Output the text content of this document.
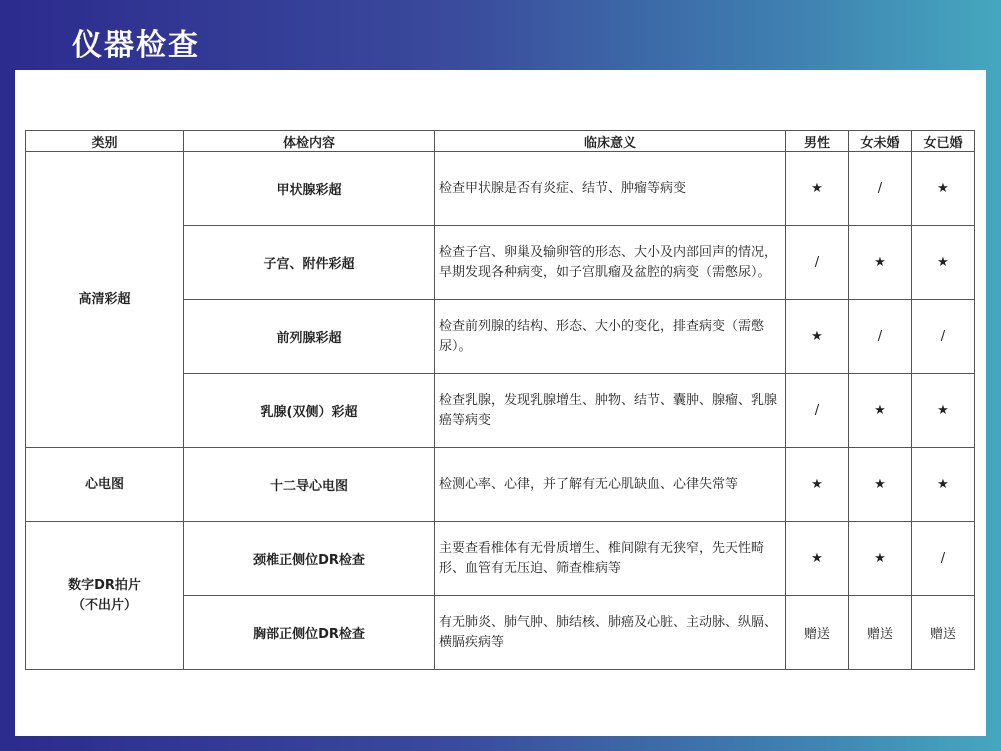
仪器检查
类别	体检内容	临床意义	男性	女未婚	女已婚
高清彩超	甲状腺彩超	检查甲状腺是否有炎症、结节、肿瘤等病变	★	/	★
	子宫、附件彩超	检查子宫、卵巢及输卵管的形态、大小及内部回声的情况，早期发现各种病变，如子宫肌瘤及盆腔的病变（需憋尿）。	/	★	★
	前列腺彩超	检查前列腺的结构、形态、大小的变化，排查病变（需憋尿）。	★	/	/
	乳腺(双侧）彩超	检查乳腺，发现乳腺增生、肿物、结节、囊肿、腺瘤、乳腺癌等病变	/	★	★
心电图	十二导心电图	检测心率、心律，并了解有无心肌缺血、心律失常等	★	★	★

数字DR拍片
（不出片）	颈椎正侧位DR检查	主要查看椎体有无骨质增生、椎间隙有无狭窄，先天性畸形、血管有无压迫、筛查椎病等	★	★	/
	胸部正侧位DR检查	有无肺炎、肺气肿、肺结核、肺癌及心脏、主动脉、纵膈、横膈疾病等	赠送	赠送	赠送
